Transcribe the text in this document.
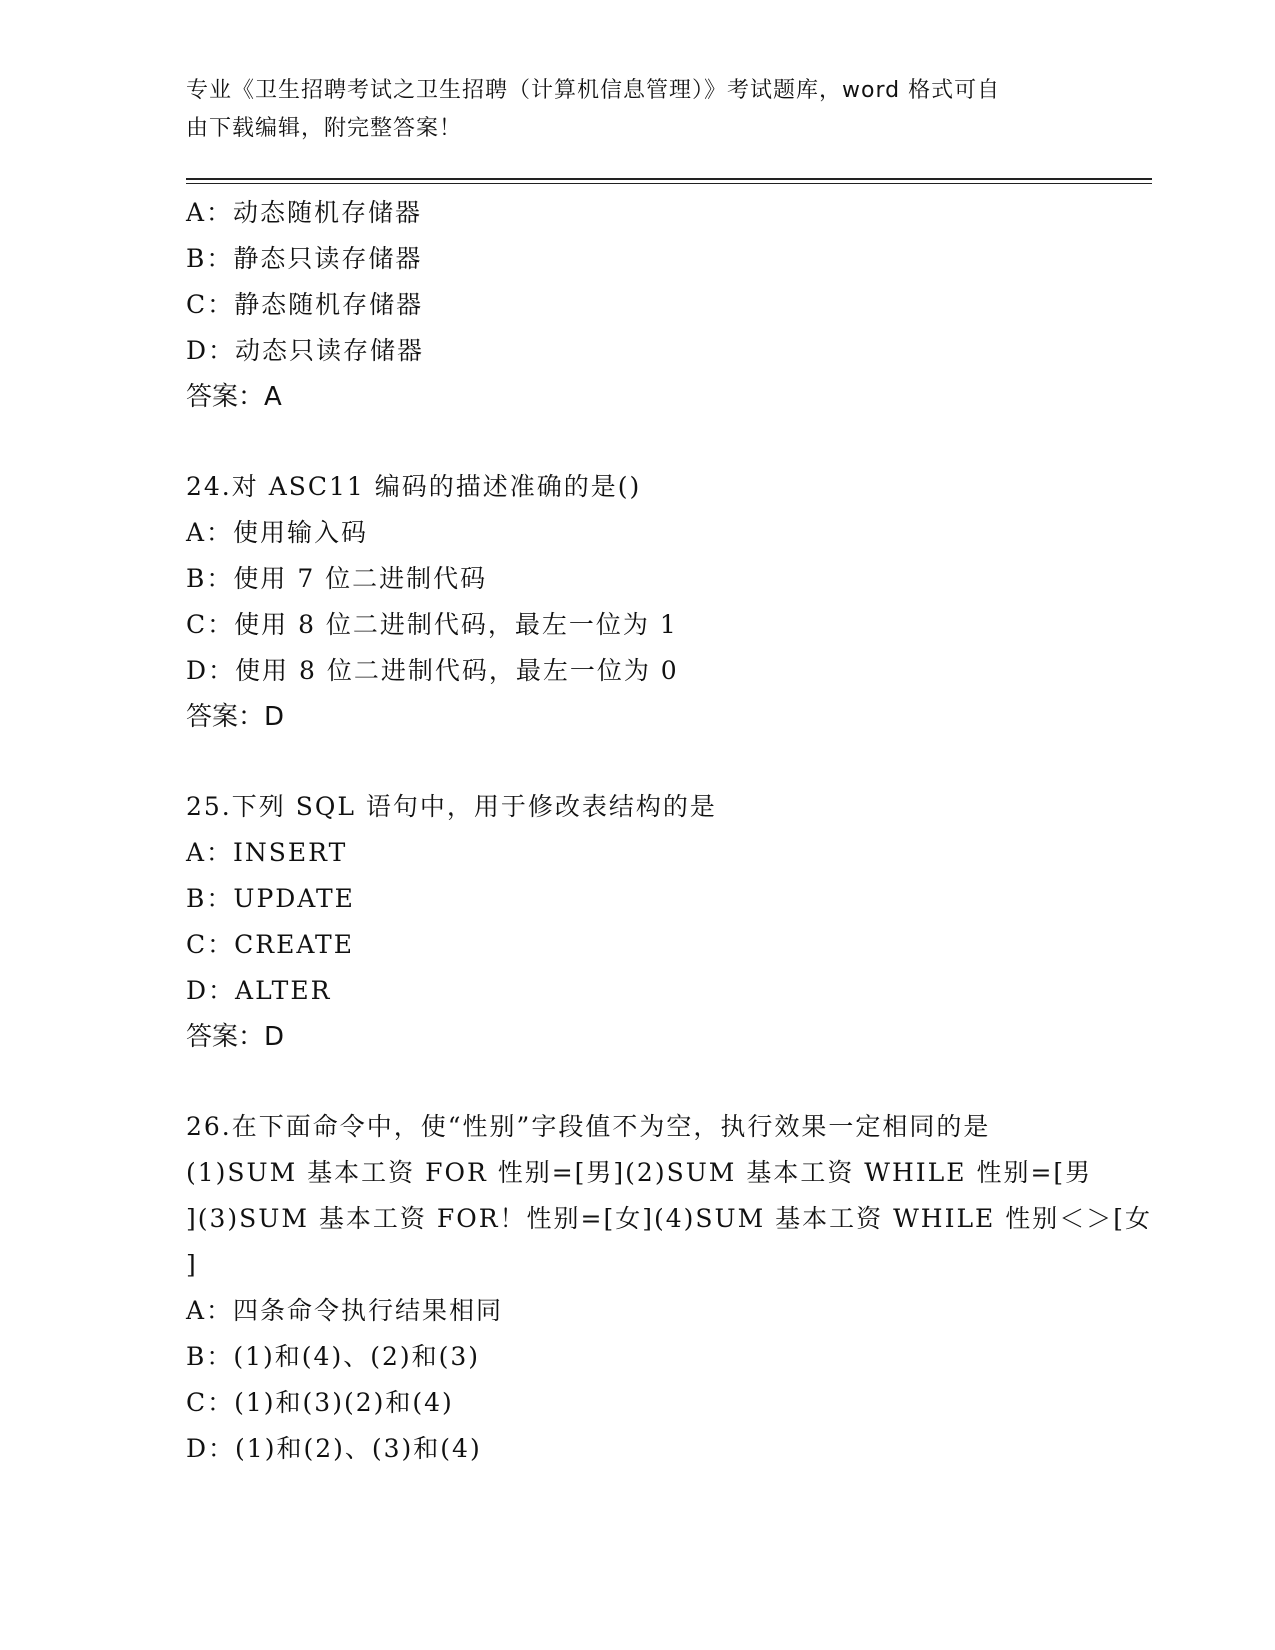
专业《卫生招聘考试之卫生招聘（计算机信息管理）》考试题库，word 格式可自
由下载编辑，附完整答案！
A：动态随机存储器
B：静态只读存储器
C：静态随机存储器
D：动态只读存储器
答案：A
24.对 ASC11 编码的描述准确的是()
A：使用输入码
B：使用 7 位二进制代码
C：使用 8 位二进制代码，最左一位为 1
D：使用 8 位二进制代码，最左一位为 0
答案：D
25.下列 SQL 语句中，用于修改表结构的是
A：INSERT
B：UPDATE
C：CREATE
D：ALTER
答案：D
26.在下面命令中，使“性别”字段值不为空，执行效果一定相同的是
(1)SUM 基本工资 FOR 性别=[男](2)SUM 基本工资 WHILE 性别=[男
](3)SUM 基本工资 FOR！性别=[女](4)SUM 基本工资 WHILE 性别＜＞[女
]
A：四条命令执行结果相同
B：(1)和(4)、(2)和(3)
C：(1)和(3)(2)和(4)
D：(1)和(2)、(3)和(4)
